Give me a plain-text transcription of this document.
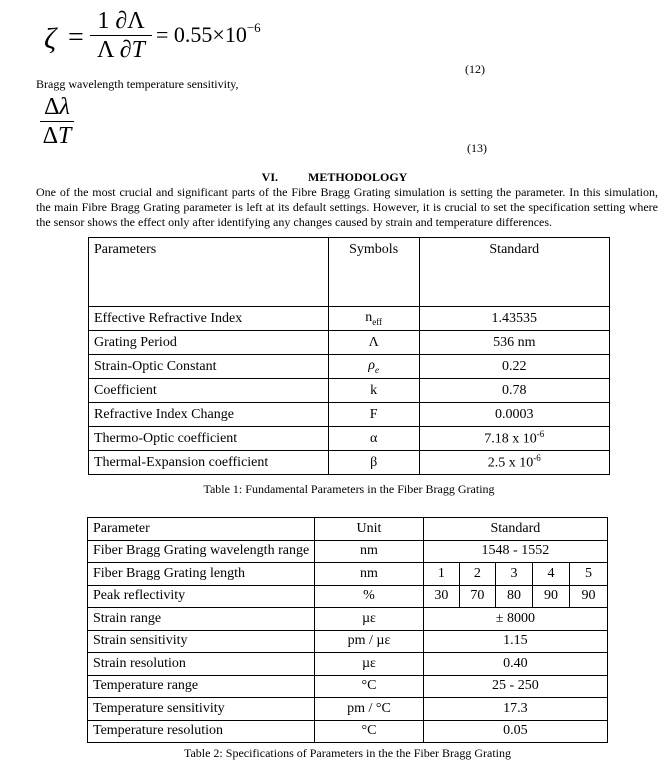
ζ =
1 ∂Λ
Λ ∂T
= $0.55\times 10^{-6}$
(12)
Bragg wavelength temperature sensitivity,
Δλ
ΔT	(13)
VI.	METHODOLOGY
One of the most crucial and significant parts of the Fibre Bragg Grating simulation is setting the parameter. In this simulation, the main Fibre Bragg Grating parameter is left at its default settings. However, it is crucial to set the specification setting where the sensor shows the effect only after identifying any changes caused by strain and temperature differences.
Parameters	Symbols	Standard
Effective Refractive Index	$n_{eff}$	1.43535
Grating Period	Λ	536 nm
Strain-Optic Constant	$\rho_e$	0.22
Coefficient	k	0.78
Refractive Index Change	F	0.0003
Thermo-Optic coefficient	α	7.18 x $10^{-6}$
Thermal-Expansion coefficient	β	2.5 x $10^{-6}$
Table 1: Fundamental Parameters in the Fiber Bragg Grating
Parameter	Unit	Standard				
Fiber Bragg Grating wavelength range	nm	1548 - 1552				
Fiber Bragg Grating length	nm	1	2	3	4	5
Peak reflectivity	%	30	70	80	90	90
Strain range	µɛ	± 8000				
Strain sensitivity	pm / µɛ	1.15				
Strain resolution	µɛ	0.40				
Temperature range	°C	25 - 250				
Temperature sensitivity	pm / °C	17.3				
Temperature resolution	°C	0.05				
Table 2: Specifications of Parameters in the the Fiber Bragg Grating
